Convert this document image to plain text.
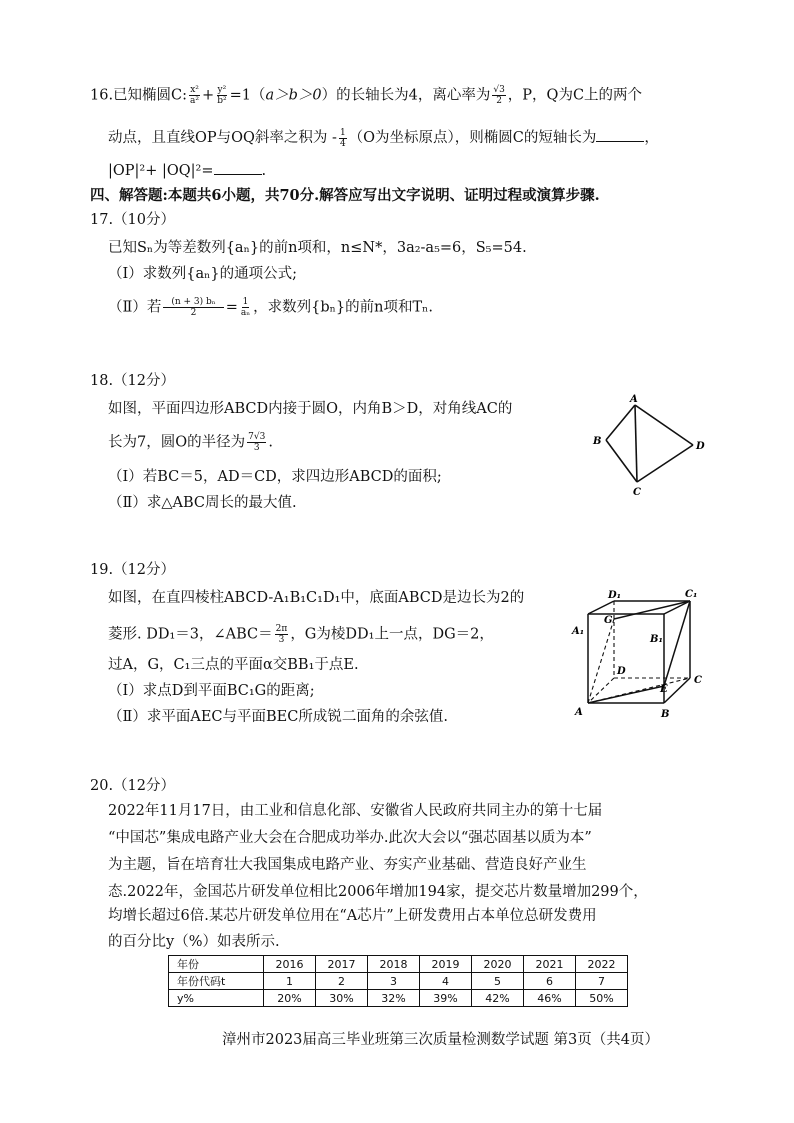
16.已知椭圆C: $\frac{\text{x²}}{\text{a²}} + \frac{\text{y²}}{\text{b²}} =1(a>b>0)$的长轴长为4，离心率为 $\frac{√3}{2}$ ，P，Q为C上的两个
动点，且直线OP与OQ斜率之积为 - $\frac{1}{4} (O$为坐标原点），则椭圆C的短轴长为	，
|OP|²+ |OQ|²=	.
四、解答题:本题共6小题，共70分.解答应写出文字说明、证明过程或演算步骤.
17.（10分）
已知Sₙ为等差数列{aₙ}的前n项和，n≤N*，3a₂-a₅=6，S₅=54.
（I）求数列{aₙ}的通项公式;
（Ⅱ）若 $\frac{\text{(n + 3) bₙ}}{2} = \frac{1}{\text{aₙ}}$ ，求数列{bₙ}的前n项和Tₙ.
18.（12分）
如图，平面四边形ABCD内接于圆O，内角B＞D，对角线AC的
长为7，圆O的半径为 $\frac{7√3}{3}$ .
（I）若BC＝5，AD＝CD，求四边形ABCD的面积;
（Ⅱ）求△ABC周长的最大值.
A
B
C
D
19.（12分）
如图，在直四棱柱ABCD-A₁B₁C₁D₁中，底面ABCD是边长为2的
菱形. DD₁＝3，∠ABC＝ $\frac{2\pi}{3}$ ，G为棱DD₁上一点，DG＝2，
过A，G，C₁三点的平面α交BB₁于点E.
（I）求点D到平面BC₁G的距离;
（Ⅱ）求平面AEC与平面BEC所成锐二面角的余弦值.
D₁	C₁
A₁
B₁
G
D
C
E
A	B
20.（12分）
2022年11月17日，由工业和信息化部、安徽省人民政府共同主办的第十七届
“中国芯”集成电路产业大会在合肥成功举办.此次大会以“强芯固基以质为本”
为主题，旨在培育壮大我国集成电路产业、夯实产业基础、营造良好产业生
态.2022年，金国芯片研发单位相比2006年增加194家，提交芯片数量增加299个，
均增长超过6倍.某芯片研发单位用在“A芯片”上研发费用占本单位总研发费用
的百分比y（%）如表所示.
年份	2016	2017	2018	2019	2020	2021	2022
年份代码t	1	2	3	4	5	6	7
y%	20%	30%	32%	39%	42%	46%	50%
漳州市2023届高三毕业班第三次质量检测数学试题 第3页（共4页）
